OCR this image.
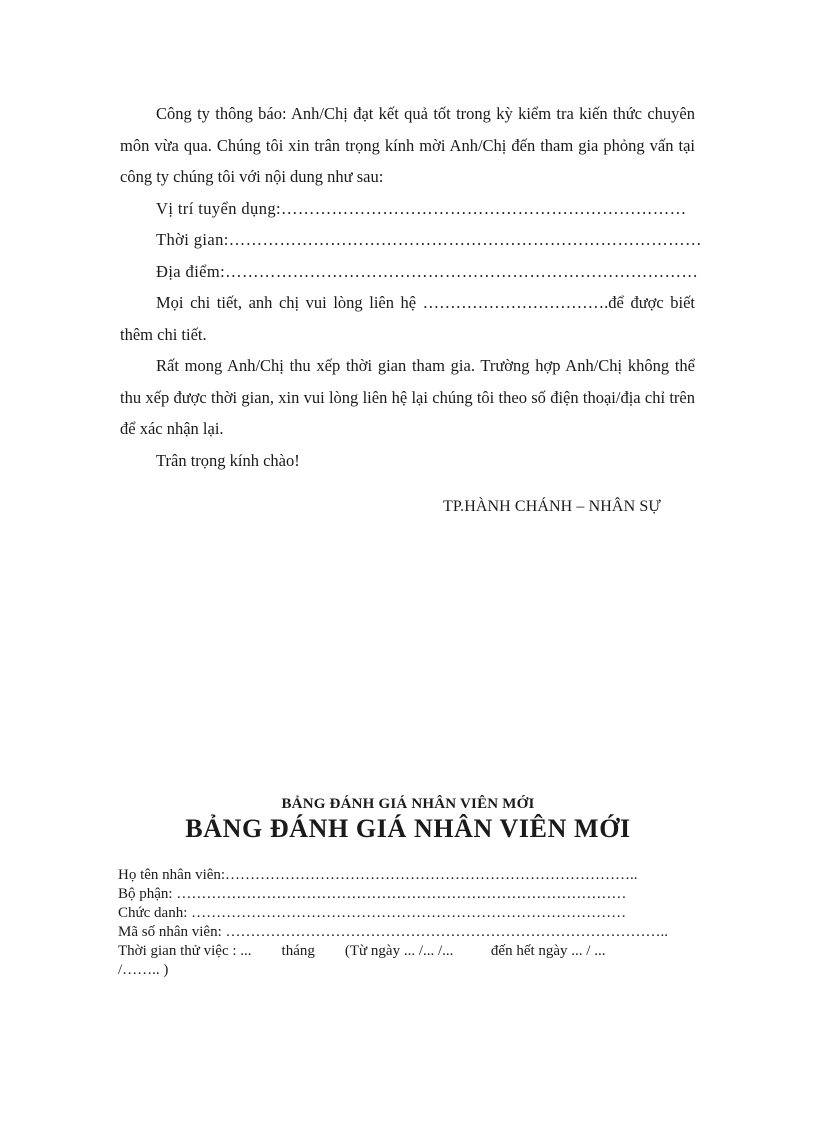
Công ty thông báo: Anh/Chị đạt kết quả tốt trong kỳ kiểm tra kiến thức chuyên môn vừa qua. Chúng tôi xin trân trọng kính mời Anh/Chị đến tham gia phỏng vấn tại công ty chúng tôi với nội dung như sau:

Vị trí tuyển dụng:………………………………………………………………

Thời gian:…………………………………………………………………………

Địa điểm:…………………………………………………………………………

Mọi chi tiết, anh chị vui lòng liên hệ …………………………….để được biết thêm chi tiết.

Rất mong Anh/Chị thu xếp thời gian tham gia. Trường hợp Anh/Chị không thể thu xếp được thời gian, xin vui lòng liên hệ lại chúng tôi theo số điện thoại/địa chỉ trên để xác nhận lại.

Trân trọng kính chào!

TP.HÀNH CHÁNH – NHÂN SỰ
BẢNG ĐÁNH GIÁ NHÂN VIÊN MỚI
BẢNG ĐÁNH GIÁ NHÂN VIÊN MỚI

Họ tên nhân viên:………………………………………………………………………..

Bộ phận: ………………………………………………………………………………

Chức danh: ……………………………………………………………………………

Mã số nhân viên: ……………………………………………………………………………..

Thời gian thử việc : ... tháng (Từ ngày ... /... /...	đến hết ngày ... / ...
/…….. )
